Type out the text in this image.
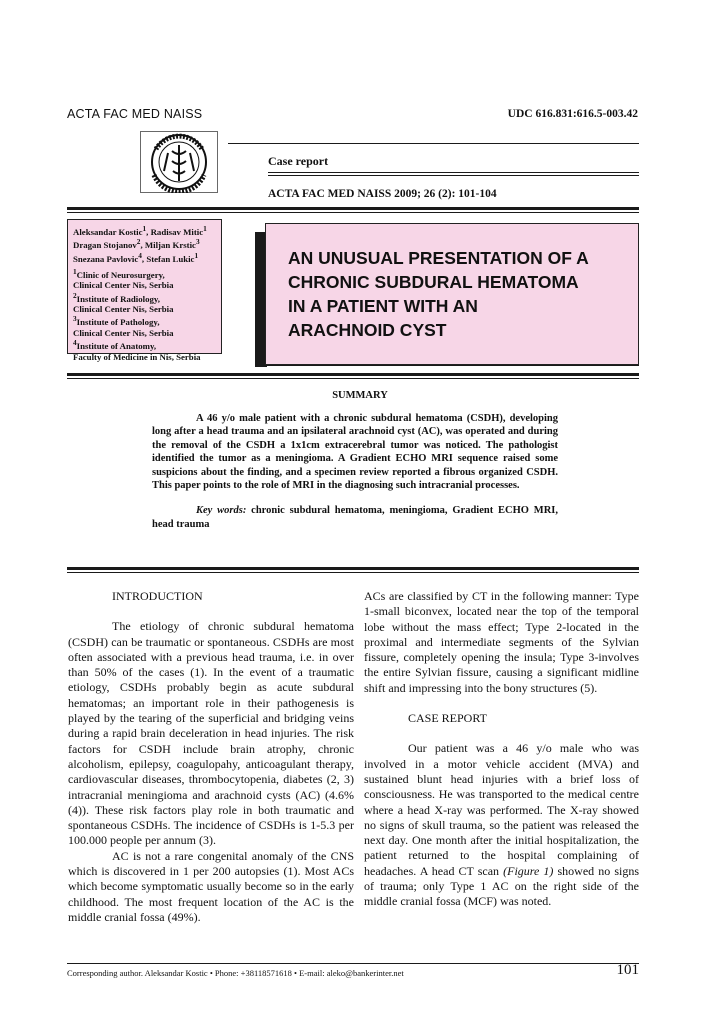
ACTA FAC MED NAISS	UDC 616.831:616.5-003.42
Case report
ACTA FAC MED NAISS 2009; 26 (2): 101-104

Aleksandar Kostic$^1$, Radisav Mitic$^1$

Dragan Stojanov$^2$, Miljan Krstic$^3$

Snezana Pavlovic$^4$, Stefan Lukic$^1$

$^1$Clinic of Neurosurgery,

Clinical Center Nis, Serbia

$^2$Institute of Radiology,

Clinical Center Nis, Serbia

$^3$Institute of Pathology,

Clinical Center Nis, Serbia

$^4$Institute of Anatomy,

Faculty of Medicine in Nis, Serbia

AN UNUSUAL PRESENTATION OF A
CHRONIC SUBDURAL HEMATOMA
IN A PATIENT WITH AN
ARACHNOID CYST
SUMMARY

A 46 y/o male patient with a chronic subdural hematoma (CSDH), developing long after a head trauma and an ipsilateral arachnoid cyst (AC), was operated and during the removal of the CSDH a 1x1cm extracerebral tumor was noticed. The pathologist identified the tumor as a meningioma. A Gradient ECHO MRI sequence raised some suspicions about the finding, and a specimen review reported a fibrous organized CSDH. This paper points to the role of MRI in the diagnosing such intracranial processes.

Key words: chronic subdural hematoma, meningioma, Gradient ECHO MRI, head trauma

INTRODUCTION

The etiology of chronic subdural hematoma (CSDH) can be traumatic or spontaneous. CSDHs are most often associated with a previous head trauma, i.e. in over than 50% of the cases (1). In the event of a traumatic etiology, CSDHs probably begin as acute subdural hematomas; an important role in their pathogenesis is played by the tearing of the superficial and bridging veins during a rapid brain deceleration in head injuries. The risk factors for CSDH include brain atrophy, chronic alcoholism, epilepsy, coagulopahy, anticoagulant therapy, cardiovascular diseases, thrombocytopenia, diabetes (2, 3) intracranial meningioma and arachnoid cysts (AC) (4.6% (4)). These risk factors play role in both traumatic and spontaneous CSDHs. The incidence of CSDHs is 1-5.3 per 100.000 people per annum (3).

AC is not a rare congenital anomaly of the CNS which is discovered in 1 per 200 autopsies (1). Most ACs which become symptomatic usually become so in the early childhood. The most frequent location of the AC is the middle cranial fossa (49%).

ACs are classified by CT in the following manner: Type 1-small biconvex, located near the top of the temporal lobe without the mass effect; Type 2-located in the proximal and intermediate segments of the Sylvian fissure, completely opening the insula; Type 3-involves the entire Sylvian fissure, causing a significant midline shift and impressing into the bony structures (5).

CASE REPORT

Our patient was a 46 y/o male who was involved in a motor vehicle accident (MVA) and sustained blunt head injuries with a brief loss of consciousness. He was transported to the medical centre where a head X-ray was performed. The X-ray showed no signs of skull trauma, so the patient was released the next day. One month after the initial hospitalization, the patient returned to the hospital complaining of headaches. A head CT scan (Figure 1) showed no signs of trauma; only Type 1 AC on the right side of the middle cranial fossa (MCF) was noted.

Corresponding author. Aleksandar Kostic • Phone: +38118571618 • E-mail: aleko@bankerinter.net	101
